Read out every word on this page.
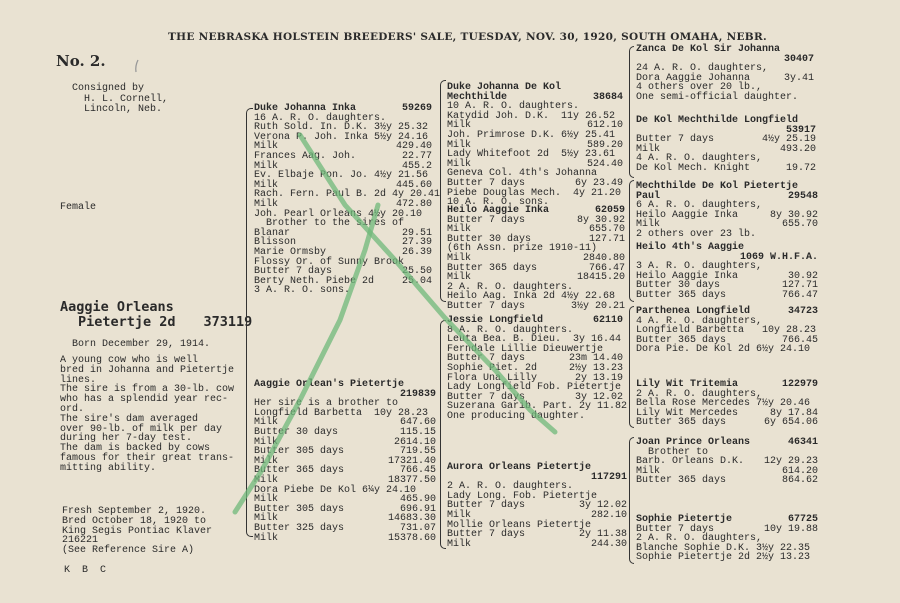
THE NEBRASKA HOLSTEIN BREEDERS' SALE, TUESDAY, NOV. 30, 1920, SOUTH OMAHA, NEBR.
No. 2.
Consigned by
H. L. Cornell,
Lincoln, Neb.
Female
Aaggie Orleans
Pietertje 2d 373119
Born December 29, 1914.
A young cow who is well
bred in Johanna and Pietertje
lines.
The sire is from a 30-lb. cow
who has a splendid year rec-
ord.
The sire's dam averaged
over 90-lb. of milk per day
during her 7-day test.
The dam is backed by cows
famous for their great trans-
mitting ability.
Fresh September 2, 1920.
Bred October 18, 1920 to
King Segis Pontiac Klaver
216221
(See Reference Sire A)
K B C
Duke Johanna Inka	59269
16 A. R. O. daughters.
Ruth Sold. In. D.K. 3½y 25.32
Verona P. Joh. Inka 5½y 24.16
Milk	429.40
Frances Aag. Joh.	22.77
Milk	455.2
Ev. Elbaje Pon. Jo. 4½y 21.56
Milk	445.60
Rach. Fern. Paul B. 2d 4y 20.41
Milk	472.80
Joh. Pearl Orleans 4½y 20.10
Brother to the sires of
Blanar	29.51
Blisson	27.39
Marie Ormsby	26.39
Flossy Or. of Sunny Brook
Butter 7 days	25.50
Berty Neth. Piebe 2d	25.04
3 A. R. O. sons.
Aaggie Orlean's Pietertje
219839
Her sire is a brother to
Longfield Barbetta  10y 28.23
Milk	647.60
Butter 30 days	115.15
Milk	2614.10
Butter 305 days	719.55
Milk	17321.40
Butter 365 days	766.45
Milk	18377.50
Dora Piebe De Kol 6¼y 24.10
Milk	465.90
Butter 305 days	696.91
Milk	14683.30
Butter 325 days	731.07
Milk	15378.60
Duke Johanna De Kol
Mechthilde	38684
10 A. R. O. daughters.
Katydid Joh. D.K.  11y 26.52
Milk	612.10
Joh. Primrose D.K. 6½y 25.41
Milk	589.20
Lady Whitefoot 2d  5½y 23.61
Milk	524.40
Geneva Col. 4th's Johanna
Butter 7 days	6y 23.49
Piebe Douglas Mech.  4y 21.20
10 A. R. O. sons.
Heilo Aaggie Inka	62059
Butter 7 days	8y 30.92
Milk	655.70
Butter 30 days	127.71
(6th Assn. prize 1910-11)
Milk	2840.80
Butter 365 days	766.47
Milk	18415.20
2 A. R. O. daughters.
Heilo Aag. Inka 2d 4½y 22.68
Butter 7 days	3½y 20.21
Jessie Longfield	62110
8 A. R. O. daughters.
Leuta Bea. B. Dieu.  3y 16.44
Ferndale Lillie Dieuwertje
Butter 7 days	23m 14.40
Sophie Piet. 2d	2½y 13.23
Flora Una Lilly	2y 13.19
Lady Longfield Fob. Pietertje
Butter 7 days	3y 12.02
Suzerana Garib. Part. 2y 11.82
One producing daughter.
Aurora Orleans Pietertje
117291
2 A. R. O. daughters.
Lady Long. Fob. Pietertje
Butter 7 days	3y 12.02
Milk	282.10
Mollie Orleans Pietertje
Butter 7 days	2y 11.38
Milk	244.30
Zanca De Kol Sir Johanna
30407
24 A. R. O. daughters,
Dora Aaggie Johanna	3y.41
4 others over 20 lb.,
One semi-official daughter.
De Kol Mechthilde Longfield
53917
Butter 7 days	4½y 25.19
Milk	493.20
4 A. R. O. daughters,
De Kol Mech. Knight	19.72
Mechthilde De Kol Pietertje
Paul	29548
6 A. R. O. daughters,
Heilo Aaggie Inka	8y 30.92
Milk	655.70
2 others over 23 lb.
Heilo 4th's Aaggie
1069 W.H.F.A.
3 A. R. O. daughters,
Heilo Aaggie Inka	30.92
Butter 30 days	127.71
Butter 365 days	766.47
Parthenea Longfield	34723
4 A. R. O. daughters,
Longfield Barbetta   10y 28.23
Butter 365 days	766.45
Dora Pie. De Kol 2d 6½y 24.10
Lily Wit Tritemia	122979
2 A. R. O. daughters,
Bella Rose Mercedes 7½y 20.46
Lily Wit Mercedes	8y 17.84
Butter 365 days	6y 654.06
Joan Prince Orleans	46341
Brother to
Barb. Orleans D.K. 12y 29.23
Milk	614.20
Butter 365 days	864.62
Sophie Pietertje	67725
Butter 7 days	10y 19.88
2 A. R. O. daughters,
Blanche Sophie D.K. 3½y 22.35
Sophie Pietertje 2d 2½y 13.23
